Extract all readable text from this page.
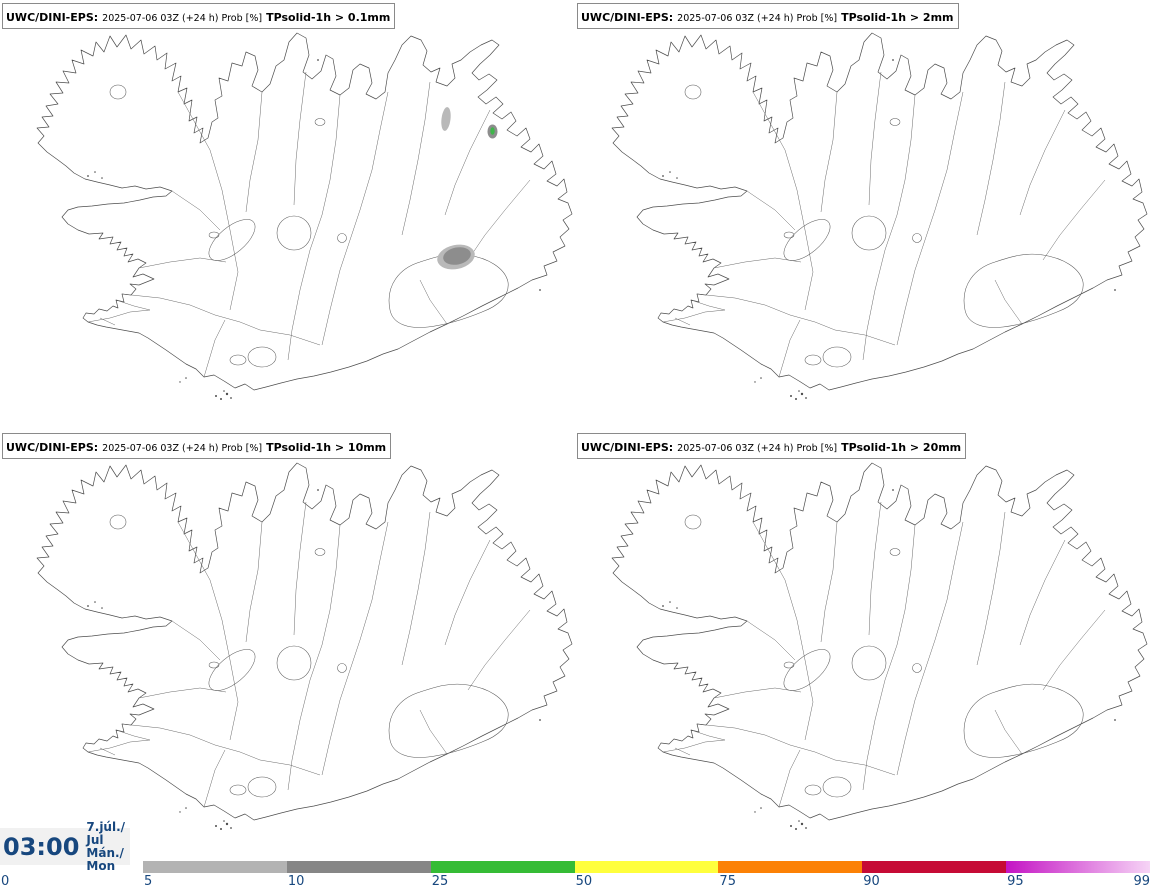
UWC/DINI-EPS: 2025-07-06 03Z (+24 h) Prob [%] TPsolid-1h > 0.1mm	UWC/DINI-EPS: 2025-07-06 03Z (+24 h) Prob [%] TPsolid-1h > 2mm
UWC/DINI-EPS: 2025-07-06 03Z (+24 h) Prob [%] TPsolid-1h > 10mm	UWC/DINI-EPS: 2025-07-06 03Z (+24 h) Prob [%] TPsolid-1h > 20mm
03:00
7.júl./ Jul
Mán./ Mon
0	5	10	25	50	75	90	95	99
